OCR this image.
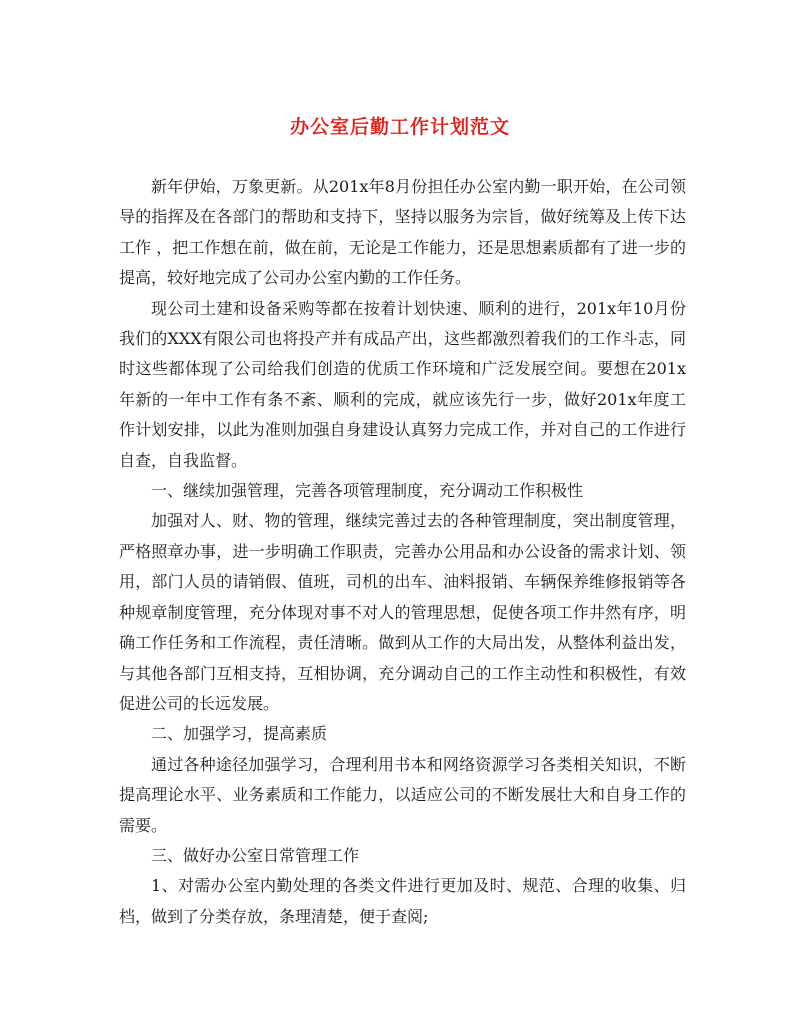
办公室后勤工作计划范文

新年伊始，万象更新。从201x年8月份担任办公室内勤一职开始，在公司领导的指挥及在各部门的帮助和支持下，坚持以服务为宗旨，做好统筹及上传下达工作 ，把工作想在前，做在前，无论是工作能力，还是思想素质都有了进一步的提高，较好地完成了公司办公室内勤的工作任务。

现公司土建和设备采购等都在按着计划快速、顺利的进行，201x年10月份我们的XXX有限公司也将投产并有成品产出，这些都激烈着我们的工作斗志，同时这些都体现了公司给我们创造的优质工作环境和广泛发展空间。要想在201x年新的一年中工作有条不紊、顺利的完成，就应该先行一步，做好201x年度工作计划安排，以此为准则加强自身建设认真努力完成工作，并对自己的工作进行自查，自我监督。

一、继续加强管理，完善各项管理制度，充分调动工作积极性

加强对人、财、物的管理，继续完善过去的各种管理制度，突出制度管理，严格照章办事，进一步明确工作职责，完善办公用品和办公设备的需求计划、领用，部门人员的请销假、值班，司机的出车、油料报销、车辆保养维修报销等各种规章制度管理，充分体现对事不对人的管理思想，促使各项工作井然有序，明确工作任务和工作流程，责任清晰。做到从工作的大局出发，从整体利益出发，与其他各部门互相支持，互相协调，充分调动自己的工作主动性和积极性，有效促进公司的长远发展。

二、加强学习，提高素质

通过各种途径加强学习，合理利用书本和网络资源学习各类相关知识，不断提高理论水平、业务素质和工作能力，以适应公司的不断发展壮大和自身工作的需要。

三、做好办公室日常管理工作

1、对需办公室内勤处理的各类文件进行更加及时、规范、合理的收集、归档，做到了分类存放，条理清楚，便于查阅;
